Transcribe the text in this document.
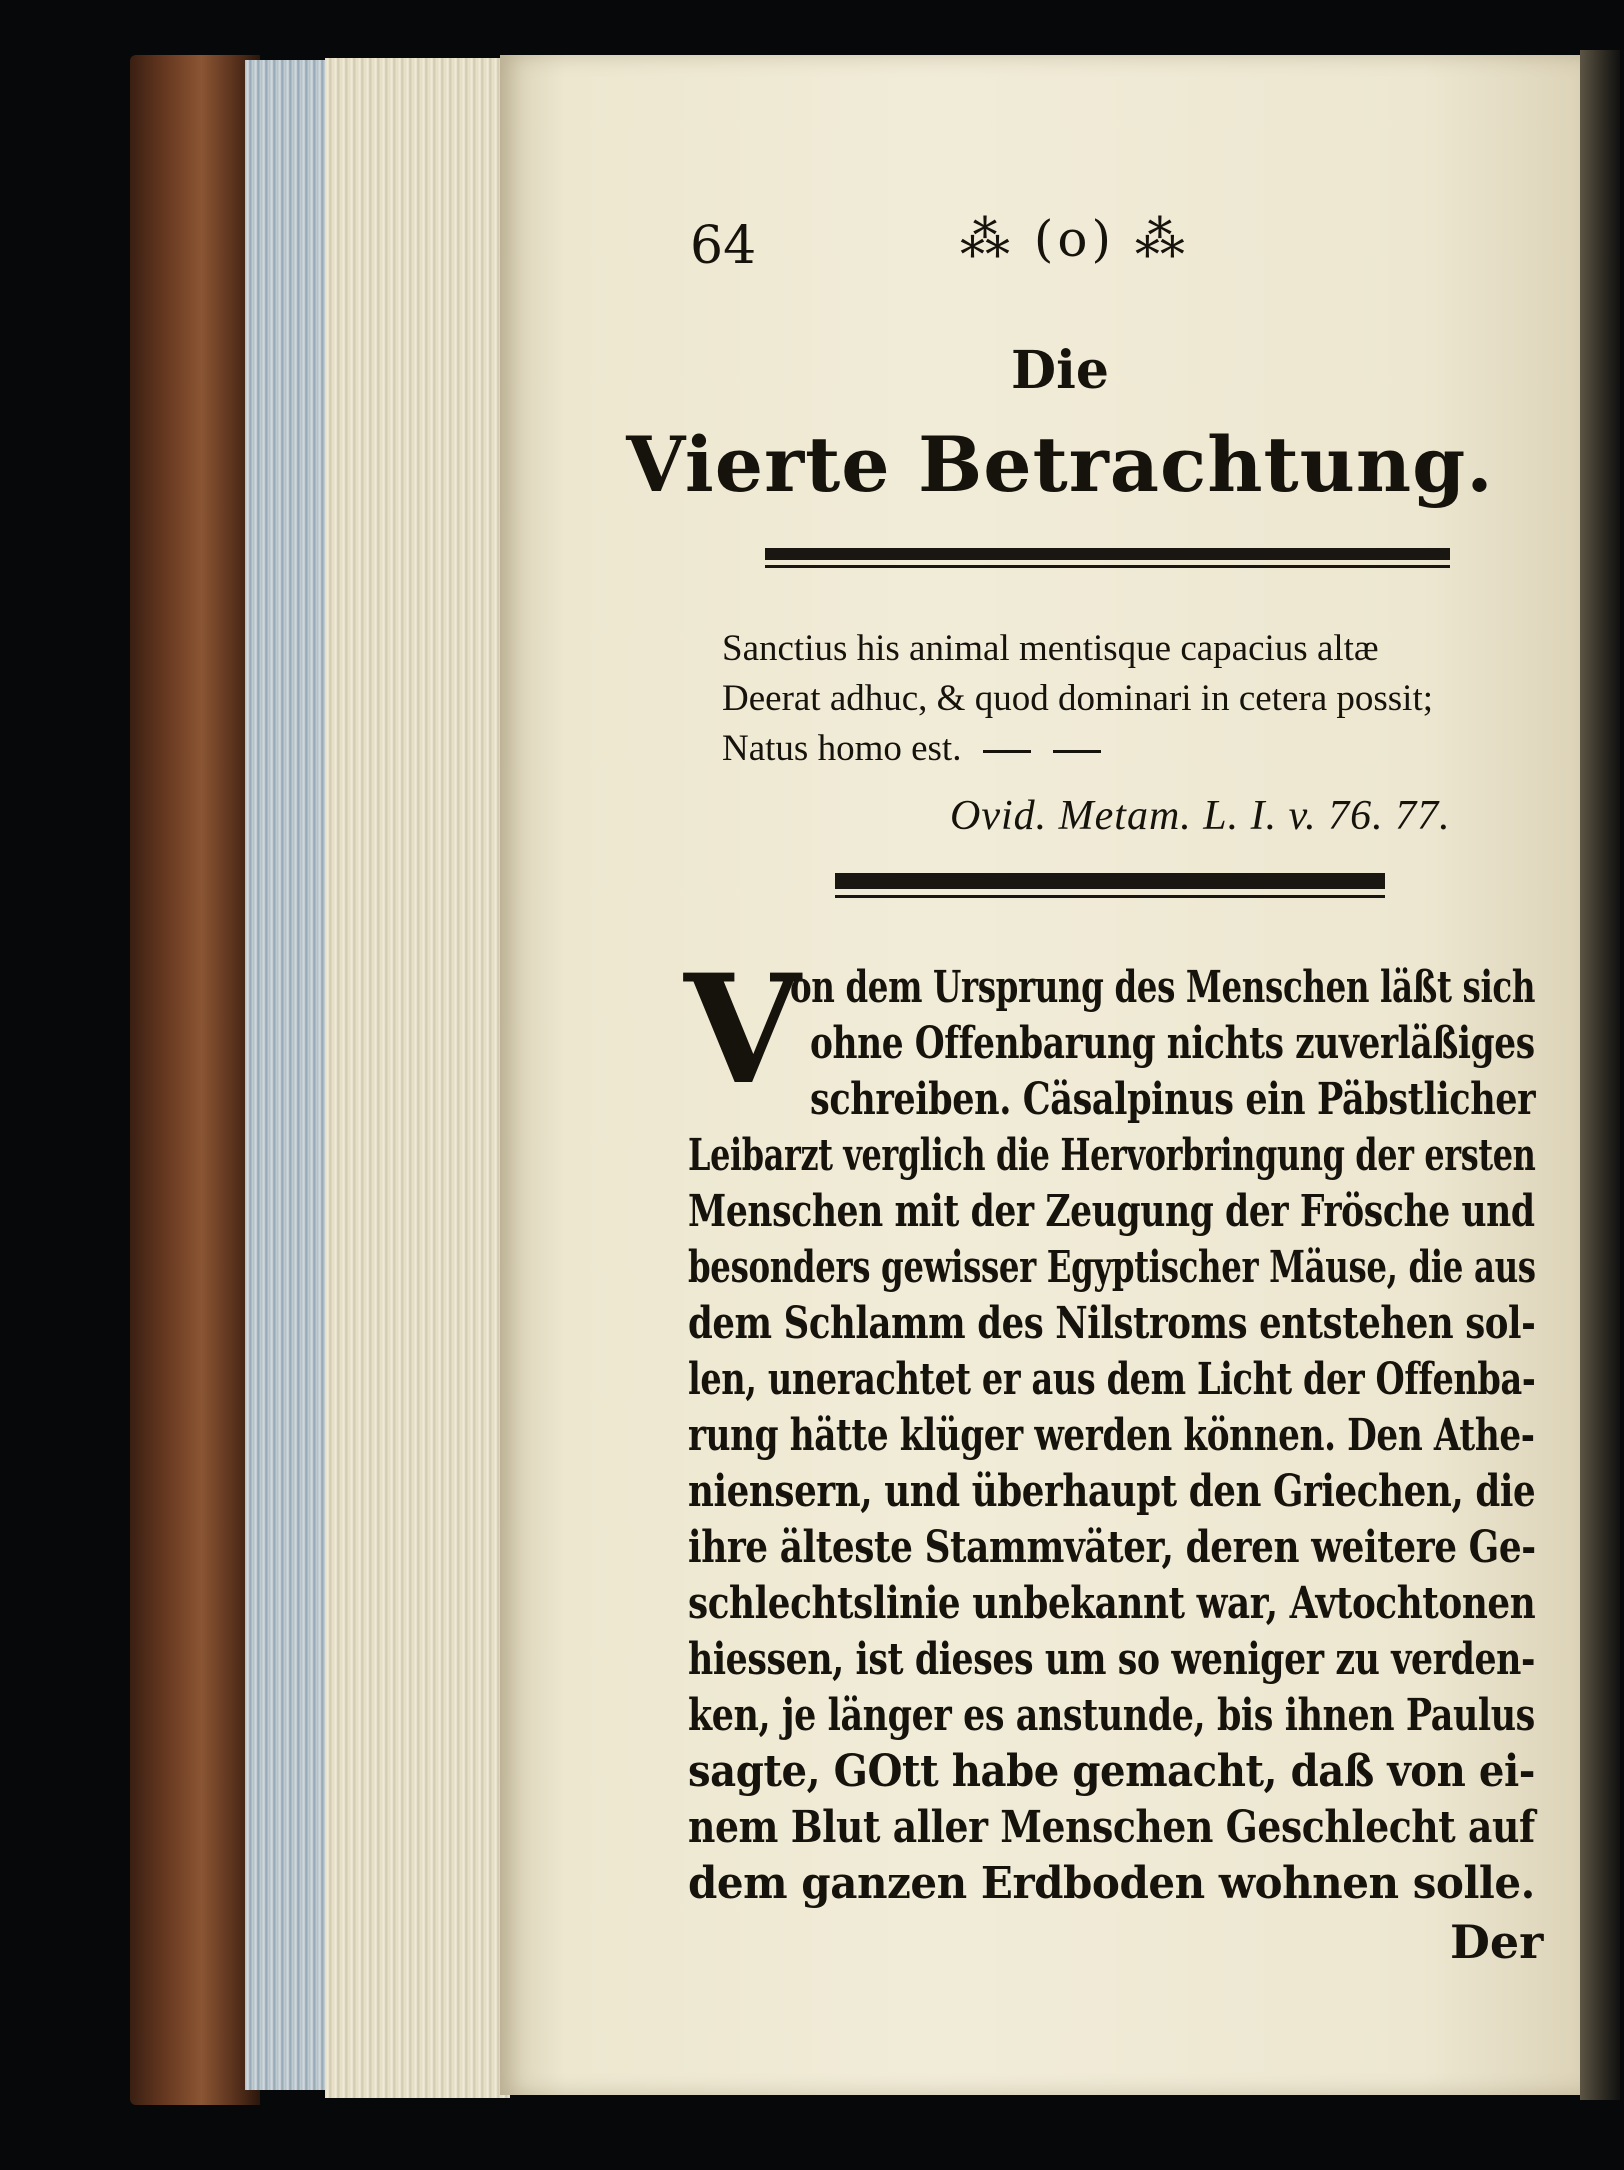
64	⁂ (o) ⁂
Die
Vierte Betrachtung.
Sanctius his animal mentisque capacius altæ
Deerat adhuc, & quod dominari in cetera possit;
Natus homo est.
Ovid. Metam. L. I. v. 76. 77.
V
on dem Ursprung des Menschen läßt sich
ohne Offenbarung nichts zuverläßiges
schreiben. Cäsalpinus ein Päbstlicher
Leibarzt verglich die Hervorbringung der ersten
Menschen mit der Zeugung der Frösche und
besonders gewisser Egyptischer Mäuse, die aus
dem Schlamm des Nilstroms entstehen sol-
len, unerachtet er aus dem Licht der Offenba-
rung hätte klüger werden können. Den Athe-
niensern, und überhaupt den Griechen, die
ihre älteste Stammväter, deren weitere Ge-
schlechtslinie unbekannt war, Avtochtonen
hiessen, ist dieses um so weniger zu verden-
ken, je länger es anstunde, bis ihnen Paulus
sagte, GOtt habe gemacht, daß von ei-
nem Blut aller Menschen Geschlecht auf
dem ganzen Erdboden wohnen solle.
Der
